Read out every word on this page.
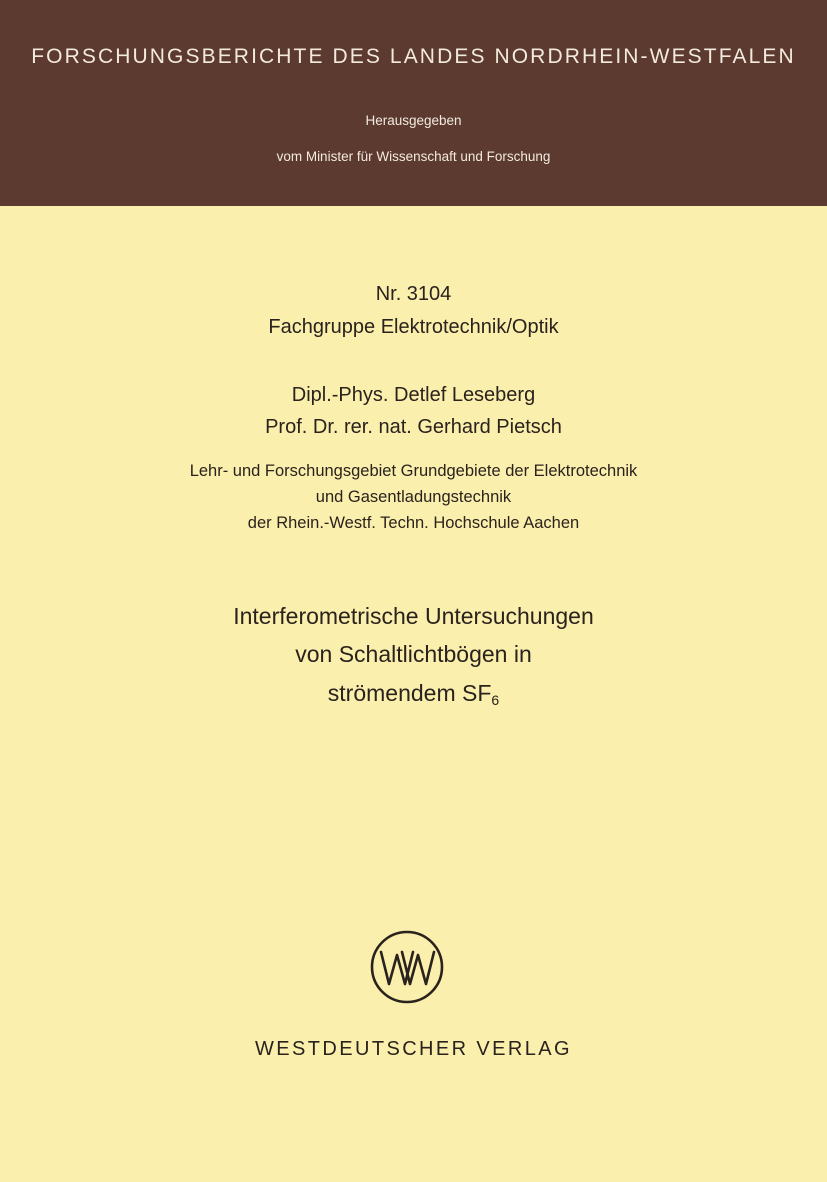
FORSCHUNGSBERICHTE DES LANDES NORDRHEIN-WESTFALEN
Herausgegeben
vom Minister für Wissenschaft und Forschung
Nr. 3104
Fachgruppe Elektrotechnik/Optik
Dipl.-Phys. Detlef Leseberg
Prof. Dr. rer. nat. Gerhard Pietsch
Lehr- und Forschungsgebiet Grundgebiete der Elektrotechnik
und Gasentladungstechnik
der Rhein.-Westf. Techn. Hochschule Aachen
Interferometrische Untersuchungen
von Schaltlichtbögen in
strömendem $SF_6$
WESTDEUTSCHER VERLAG
